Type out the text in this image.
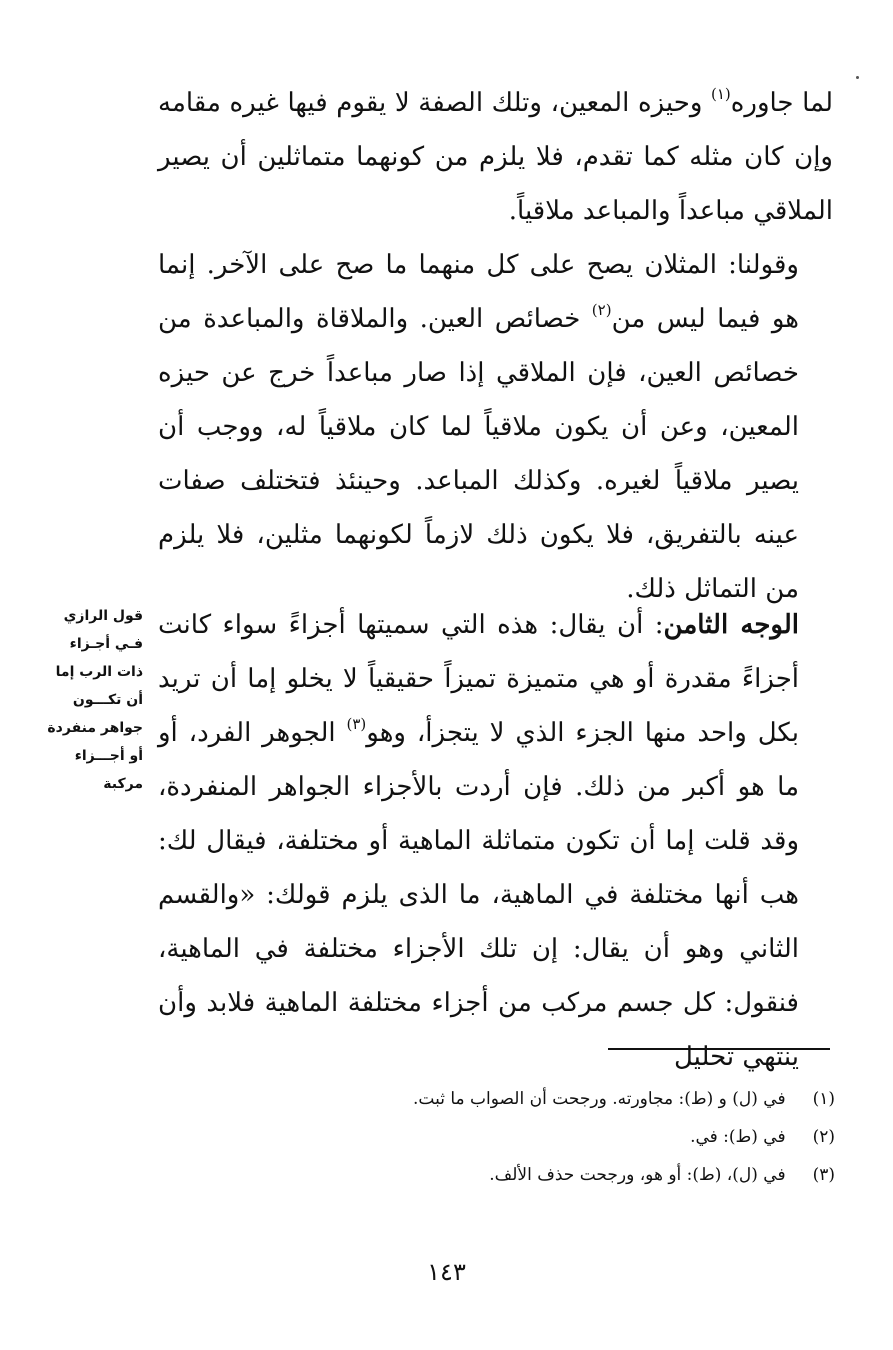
لما جاوره$^{(١)}$ وحيزه المعين، وتلك الصفة لا يقوم فيها غيره مقامه وإن كان مثله كما تقدم، فلا يلزم من كونهما متماثلين أن يصير الملاقي مباعداً والمباعد ملاقياً.

وقولنا: المثلان يصح على كل منهما ما صح على الآخر. إنما هو فيما ليس من$^{(٢)}$ خصائص العين. والملاقاة والمباعدة من خصائص العين، فإن الملاقي إذا صار مباعداً خرج عن حيزه المعين، وعن أن يكون ملاقياً لما كان ملاقياً له، ووجب أن يصير ملاقياً لغيره. وكذلك المباعد. وحينئذ فتختلف صفات عينه بالتفريق، فلا يكون ذلك لازماً لكونهما مثلين، فلا يلزم من التماثل ذلك.

الوجه الثامن: أن يقال: هذه التي سميتها أجزاءً سواء كانت أجزاءً مقدرة أو هي متميزة تميزاً حقيقياً لا يخلو إما أن تريد بكل واحد منها الجزء الذي لا يتجزأ، وهو$^{(٣)}$ الجوهر الفرد، أو ما هو أكبر من ذلك. فإن أردت بالأجزاء الجواهر المنفردة، وقد قلت إما أن تكون متماثلة الماهية أو مختلفة، فيقال لك: هب أنها مختلفة في الماهية، ما الذى يلزم قولك: «والقسم الثاني وهو أن يقال: إن تلك الأجزاء مختلفة في الماهية، فنقول: كل جسم مركب من أجزاء مختلفة الماهية فلابد وأن ينتهي تحليل

قول الرازي
فـي أجـزاء
ذات الرب إما
أن تكـــون
جواهر منفردة
أو أجـــزاء
مركبة
(١) في (ل) و (ط): مجاورته. ورجحت أن الصواب ما ثبت.
(٢) في (ط): في.
(٣) في (ل)، (ط): أو هو، ورجحت حذف الألف.
١٤٣
